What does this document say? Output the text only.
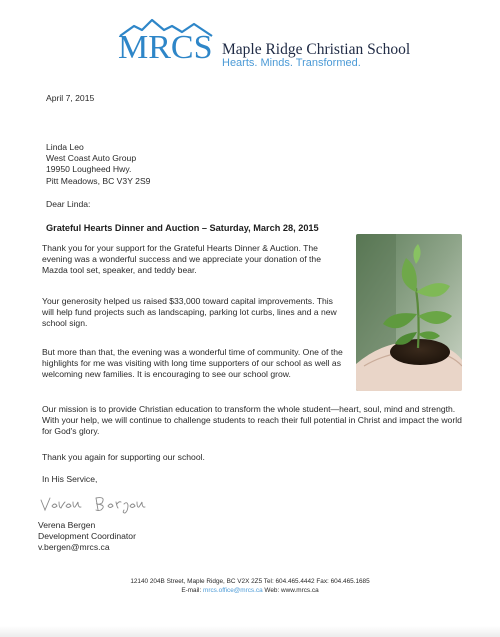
MRCS Maple Ridge Christian School
Hearts. Minds. Transformed.
April 7, 2015
Linda Leo
West Coast Auto Group
19950 Lougheed Hwy.
Pitt Meadows, BC V3Y 2S9
Dear Linda:
Grateful Hearts Dinner and Auction – Saturday, March 28, 2015
Thank you for your support for the Grateful Hearts Dinner & Auction. The evening was a wonderful success and we appreciate your donation of the Mazda tool set, speaker, and teddy bear.
Your generosity helped us raised $33,000 toward capital improvements. This will help fund projects such as landscaping, parking lot curbs, lines and a new school sign.
But more than that, the evening was a wonderful time of community. One of the highlights for me was visiting with long time supporters of our school as well as welcoming new families. It is encouraging to see our school grow.
Our mission is to provide Christian education to transform the whole student—heart, soul, mind and strength. With your help, we will continue to challenge students to reach their full potential in Christ and impact the world for God's glory.
Thank you again for supporting our school.
In His Service,
Verena Bergen
Development Coordinator
v.bergen@mrcs.ca
12140 204B Street, Maple Ridge, BC V2X 2Z5 Tel: 604.465.4442 Fax: 604.465.1685
E-mail: mrcs.office@mrcs.ca Web: www.mrcs.ca
